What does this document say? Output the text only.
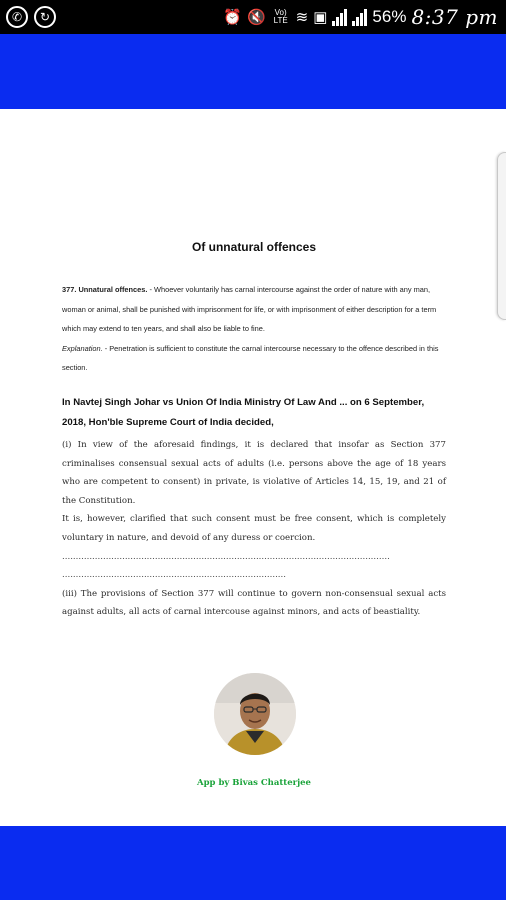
✆	↻	⏰ 🔇	Vo)
LTE ≋ ▣	56% 8:37 pm
Of unnatural offences
377. Unnatural offences. - Whoever voluntarily has carnal intercourse against the order of nature with any man, woman or animal, shall be punished with imprisonment for life, or with imprisonment of either description for a term which may extend to ten years, and shall also be liable to fine.
Explanation. - Penetration is sufficient to constitute the carnal intercourse necessary to the offence described in this section.
In Navtej Singh Johar vs Union Of India Ministry Of Law And ... on 6 September, 2018, Hon'ble Supreme Court of India decided,

(i) In view of the aforesaid findings, it is declared that insofar as Section 377 criminalises consensual sexual acts of adults (i.e. persons above the age of 18 years who are competent to consent) in private, is violative of Articles 14, 15, 19, and 21 of the Constitution.

It is, however, clarified that such consent must be free consent, which is completely voluntary in nature, and devoid of any duress or coercion.

........................................................................................................................

..................................................................................

(iii) The provisions of Section 377 will continue to govern non-consensual sexual acts against adults, all acts of carnal intercouse against minors, and acts of beastiality.

App by Bivas Chatterjee
